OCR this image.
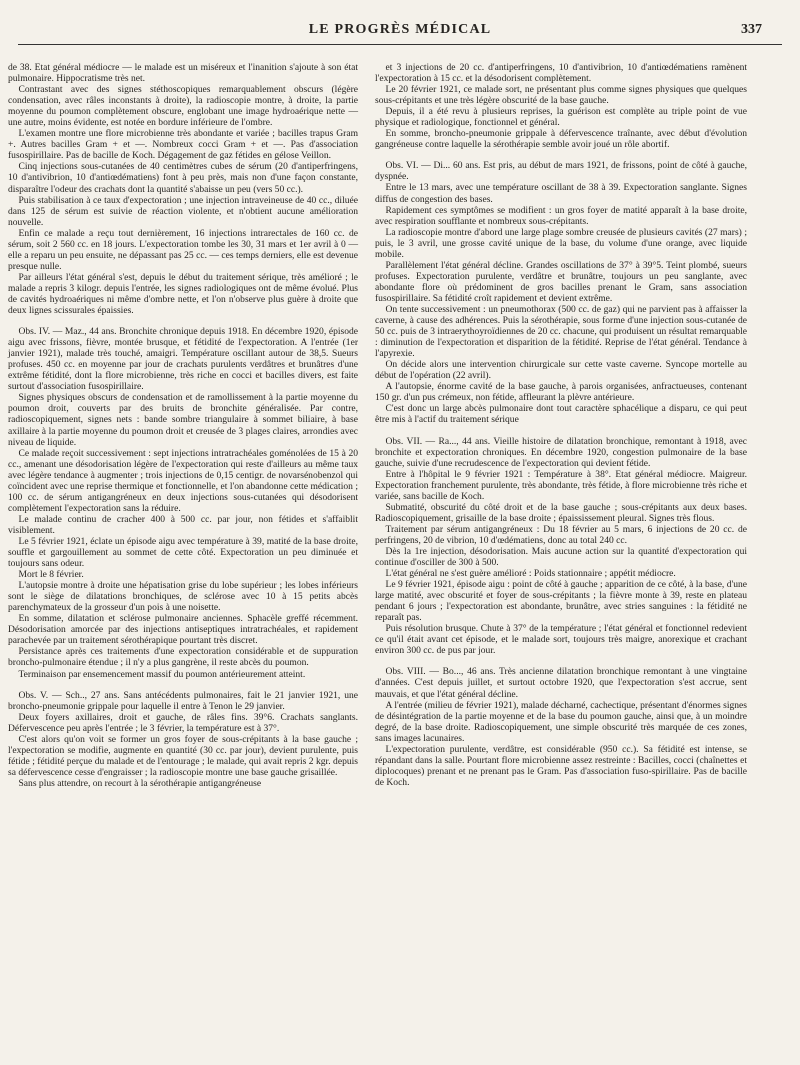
LE PROGRÈS MÉDICAL	337

de 38. Etat général médiocre — le malade est un miséreux et l'inanition s'ajoute à son état pulmonaire. Hippocratisme très net.

Contrastant avec des signes stéthoscopiques remarquablement obscurs (légère condensation, avec râles inconstants à droite), la radioscopie montre, à droite, la partie moyenne du poumon complètement obscure, englobant une image hydroaérique nette — une autre, moins évidente, est notée en bordure inférieure de l'ombre.

L'examen montre une flore microbienne très abondante et variée ; bacilles trapus Gram +. Autres bacilles Gram + et —. Nombreux cocci Gram + et —. Pas d'association fusospirillaire. Pas de bacille de Koch. Dégagement de gaz fétides en gélose Veillon.

Cinq injections sous-cutanées de 40 centimètres cubes de sérum (20 d'antiperfringens, 10 d'antivibrion, 10 d'antiœdématiens) font à peu près, mais non d'une façon constante, disparaître l'odeur des crachats dont la quantité s'abaisse un peu (vers 50 cc.).

Puis stabilisation à ce taux d'expectoration ; une injection intraveineuse de 40 cc., diluée dans 125 de sérum est suivie de réaction violente, et n'obtient aucune amélioration nouvelle.

Enfin ce malade a reçu tout dernièrement, 16 injections intrarectales de 160 cc. de sérum, soit 2 560 cc. en 18 jours. L'expectoration tombe les 30, 31 mars et 1er avril à 0 — elle a reparu un peu ensuite, ne dépassant pas 25 cc. — ces temps derniers, elle est devenue presque nulle.

Par ailleurs l'état général s'est, depuis le début du traitement sérique, très amélioré ; le malade a repris 3 kilogr. depuis l'entrée, les signes radiologiques ont de même évolué. Plus de cavités hydroaériques ni même d'ombre nette, et l'on n'observe plus guère à droite que deux lignes scissurales épaissies.

Obs. IV. — Maz., 44 ans. Bronchite chronique depuis 1918. En décembre 1920, épisode aigu avec frissons, fièvre, montée brusque, et fétidité de l'expectoration. A l'entrée (1er janvier 1921), malade très touché, amaigri. Température oscillant autour de 38,5. Sueurs profuses. 450 cc. en moyenne par jour de crachats purulents verdâtres et brunâtres d'une extrême fétidité, dont la flore microbienne, très riche en cocci et bacilles divers, est faite surtout d'association fusospirillaire.

Signes physiques obscurs de condensation et de ramollissement à la partie moyenne du poumon droit, couverts par des bruits de bronchite généralisée. Par contre, radioscopiquement, signes nets : bande sombre triangulaire à sommet biliaire, à base axillaire à la partie moyenne du poumon droit et creusée de 3 plages claires, arrondies avec niveau de liquide.

Ce malade reçoit successivement : sept injections intratrachéales goménolées de 15 à 20 cc., amenant une désodorisation légère de l'expectoration qui reste d'ailleurs au même taux avec légère tendance à augmenter ; trois injections de 0,15 centigr. de novarsénobenzol qui coïncident avec une reprise thermique et fonctionnelle, et l'on abandonne cette médication ; 100 cc. de sérum antigangréneux en deux injections sous-cutanées qui désodorisent complètement l'expectoration sans la réduire.

Le malade continu de cracher 400 à 500 cc. par jour, non fétides et s'affaiblit visiblement.

Le 5 février 1921, éclate un épisode aigu avec température à 39, matité de la base droite, souffle et gargouillement au sommet de cette côté. Expectoration un peu diminuée et toujours sans odeur.

Mort le 8 février.

L'autopsie montre à droite une hépatisation grise du lobe supérieur ; les lobes inférieurs sont le siège de dilatations bronchiques, de sclérose avec 10 à 15 petits abcès parenchymateux de la grosseur d'un pois à une noisette.

En somme, dilatation et sclérose pulmonaire anciennes. Sphacèle greffé récemment. Désodorisation amorcée par des injections antiseptiques intratrachéales, et rapidement parachevée par un traitement sérothérapique pourtant très discret.

Persistance après ces traitements d'une expectoration considérable et de suppuration broncho-pulmonaire étendue ; il n'y a plus gangrène, il reste abcès du poumon.

Terminaison par ensemencement massif du poumon antérieurement atteint.

Obs. V. — Sch.., 27 ans. Sans antécédents pulmonaires, fait le 21 janvier 1921, une broncho-pneumonie grippale pour laquelle il entre à Tenon le 29 janvier.

Deux foyers axillaires, droit et gauche, de râles fins. 39°6. Crachats sanglants. Défervescence peu après l'entrée ; le 3 février, la température est à 37°.

C'est alors qu'on voit se former un gros foyer de sous-crépitants à la base gauche ; l'expectoration se modifie, augmente en quantité (30 cc. par jour), devient purulente, puis fétide ; fétidité perçue du malade et de l'entourage ; le malade, qui avait repris 2 kgr. depuis sa défervescence cesse d'engraisser ; la radioscopie montre une base gauche grisaillée.

Sans plus attendre, on recourt à la sérothérapie antigangréneuse

et 3 injections de 20 cc. d'antiperfringens, 10 d'antivibrion, 10 d'antiœdématiens ramènent l'expectoration à 15 cc. et la désodorisent complètement.

Le 20 février 1921, ce malade sort, ne présentant plus comme signes physiques que quelques sous-crépitants et une très légère obscurité de la base gauche.

Depuis, il a été revu à plusieurs reprises, la guérison est complète au triple point de vue physique et radiologique, fonctionnel et général.

En somme, broncho-pneumonie grippale à défervescence traînante, avec début d'évolution gangréneuse contre laquelle la sérothérapie semble avoir joué un rôle abortif.

Obs. VI. — Di... 60 ans. Est pris, au début de mars 1921, de frissons, point de côté à gauche, dyspnée.

Entre le 13 mars, avec une température oscillant de 38 à 39. Expectoration sanglante. Signes diffus de congestion des bases.

Rapidement ces symptômes se modifient : un gros foyer de matité apparaît à la base droite, avec respiration soufflante et nombreux sous-crépitants.

La radioscopie montre d'abord une large plage sombre creusée de plusieurs cavités (27 mars) ; puis, le 3 avril, une grosse cavité unique de la base, du volume d'une orange, avec liquide mobile.

Parallèlement l'état général décline. Grandes oscillations de 37° à 39°5. Teint plombé, sueurs profuses. Expectoration purulente, verdâtre et brunâtre, toujours un peu sanglante, avec abondante flore où prédominent de gros bacilles prenant le Gram, sans association fusospirillaire. Sa fétidité croît rapidement et devient extrême.

On tente successivement : un pneumothorax (500 cc. de gaz) qui ne parvient pas à affaisser la caverne, à cause des adhérences. Puis la sérothérapie, sous forme d'une injection sous-cutanée de 50 cc. puis de 3 intraerythoyroïdiennes de 20 cc. chacune, qui produisent un résultat remarquable : diminution de l'expectoration et disparition de la fétidité. Reprise de l'état général. Tendance à l'apyrexie.

On décide alors une intervention chirurgicale sur cette vaste caverne. Syncope mortelle au début de l'opération (22 avril).

A l'autopsie, énorme cavité de la base gauche, à parois organisées, anfractueuses, contenant 150 gr. d'un pus crémeux, non fétide, affleurant la plèvre antérieure.

C'est donc un large abcès pulmonaire dont tout caractère sphacélique a disparu, ce qui peut être mis à l'actif du traitement sérique

Obs. VII. — Ra..., 44 ans. Vieille histoire de dilatation bronchique, remontant à 1918, avec bronchite et expectoration chroniques. En décembre 1920, congestion pulmonaire de la base gauche, suivie d'une recrudescence de l'expectoration qui devient fétide.

Entre à l'hôpital le 9 février 1921 : Température à 38°. Etat général médiocre. Maigreur. Expectoration franchement purulente, très abondante, très fétide, à flore microbienne très riche et variée, sans bacille de Koch.

Submatité, obscurité du côté droit et de la base gauche ; sous-crépitants aux deux bases. Radioscopiquement, grisaille de la base droite ; épaississement pleural. Signes très flous.

Traitement par sérum antigangréneux : Du 18 février au 5 mars, 6 injections de 20 cc. de perfringens, 20 de vibrion, 10 d'œdématiens, donc au total 240 cc.

Dès la 1re injection, désodorisation. Mais aucune action sur la quantité d'expectoration qui continue d'osciller de 300 à 500.

L'état général ne s'est guère amélioré : Poids stationnaire ; appétit médiocre.

Le 9 février 1921, épisode aigu : point de côté à gauche ; apparition de ce côté, à la base, d'une large matité, avec obscurité et foyer de sous-crépitants ; la fièvre monte à 39, reste en plateau pendant 6 jours ; l'expectoration est abondante, brunâtre, avec stries sanguines : la fétidité ne reparaît pas.

Puis résolution brusque. Chute à 37° de la température ; l'état général et fonctionnel redevient ce qu'il était avant cet épisode, et le malade sort, toujours très maigre, anorexique et crachant environ 300 cc. de pus par jour.

Obs. VIII. — Bo..., 46 ans. Très ancienne dilatation bronchique remontant à une vingtaine d'années. C'est depuis juillet, et surtout octobre 1920, que l'expectoration s'est accrue, sent mauvais, et que l'état général décline.

A l'entrée (milieu de février 1921), malade décharné, cachectique, présentant d'énormes signes de désintégration de la partie moyenne et de la base du poumon gauche, ainsi que, à un moindre degré, de la base droite. Radioscopiquement, une simple obscurité très marquée de ces zones, sans images lacunaires.

L'expectoration purulente, verdâtre, est considérable (950 cc.). Sa fétidité est intense, se répandant dans la salle. Pourtant flore microbienne assez restreinte : Bacilles, cocci (chaînettes et diplocoques) prenant et ne prenant pas le Gram. Pas d'association fuso-spirillaire. Pas de bacille de Koch.
